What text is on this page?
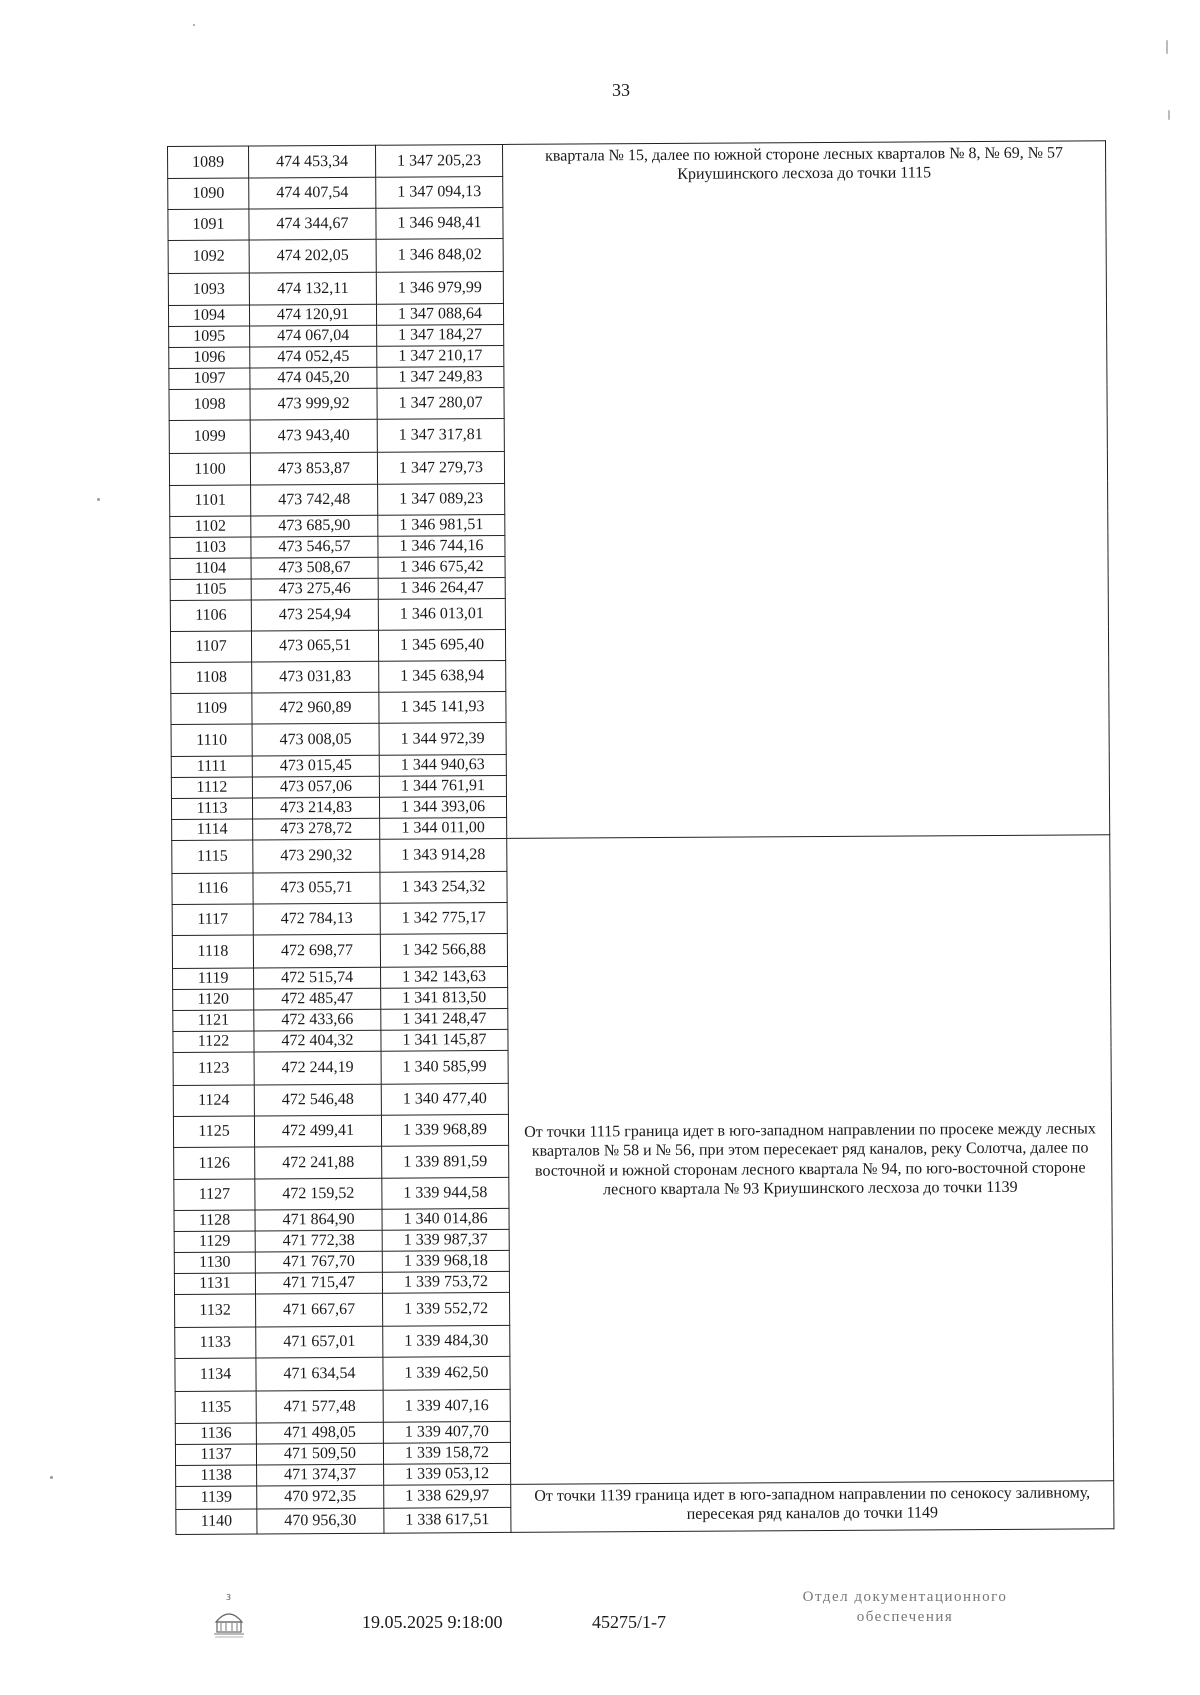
33
1089	474 453,34	1 347 205,23	квартала № 15, далее по южной стороне лесных кварталов № 8, № 69, № 57 Криушинского лесхоза до точки 1115
1090	474 407,54	1 347 094,13	
1091	474 344,67	1 346 948,41	
1092	474 202,05	1 346 848,02	
1093	474 132,11	1 346 979,99	
1094	474 120,91	1 347 088,64	
1095	474 067,04	1 347 184,27	
1096	474 052,45	1 347 210,17	
1097	474 045,20	1 347 249,83	
1098	473 999,92	1 347 280,07	
1099	473 943,40	1 347 317,81	
1100	473 853,87	1 347 279,73	
1101	473 742,48	1 347 089,23	
1102	473 685,90	1 346 981,51	
1103	473 546,57	1 346 744,16	
1104	473 508,67	1 346 675,42	
1105	473 275,46	1 346 264,47	
1106	473 254,94	1 346 013,01	
1107	473 065,51	1 345 695,40	
1108	473 031,83	1 345 638,94	
1109	472 960,89	1 345 141,93	
1110	473 008,05	1 344 972,39	
1111	473 015,45	1 344 940,63	
1112	473 057,06	1 344 761,91	
1113	473 214,83	1 344 393,06	
1114	473 278,72	1 344 011,00	
1115	473 290,32	1 343 914,28	От точки 1115 граница идет в юго-западном направлении по просеке между лесных кварталов № 58 и № 56, при этом пересекает ряд каналов, реку Солотча, далее по восточной и южной сторонам лесного квартала № 94, по юго-восточной стороне лесного квартала № 93 Криушинского лесхоза до точки 1139
1116	473 055,71	1 343 254,32	
1117	472 784,13	1 342 775,17	
1118	472 698,77	1 342 566,88	
1119	472 515,74	1 342 143,63	
1120	472 485,47	1 341 813,50	
1121	472 433,66	1 341 248,47	
1122	472 404,32	1 341 145,87	
1123	472 244,19	1 340 585,99	
1124	472 546,48	1 340 477,40	
1125	472 499,41	1 339 968,89	
1126	472 241,88	1 339 891,59	
1127	472 159,52	1 339 944,58	
1128	471 864,90	1 340 014,86	
1129	471 772,38	1 339 987,37	
1130	471 767,70	1 339 968,18	
1131	471 715,47	1 339 753,72	
1132	471 667,67	1 339 552,72	
1133	471 657,01	1 339 484,30	
1134	471 634,54	1 339 462,50	
1135	471 577,48	1 339 407,16	
1136	471 498,05	1 339 407,70	
1137	471 509,50	1 339 158,72	
1138	471 374,37	1 339 053,12	
1139	470 972,35	1 338 629,97	От точки 1139 граница идет в юго-западном направлении по сенокосу заливному, пересекая ряд каналов до точки 1149
1140	470 956,30	1 338 617,51	
3
19.05.2025 9:18:00	45275/1-7
Отдел документационного обеспечения
